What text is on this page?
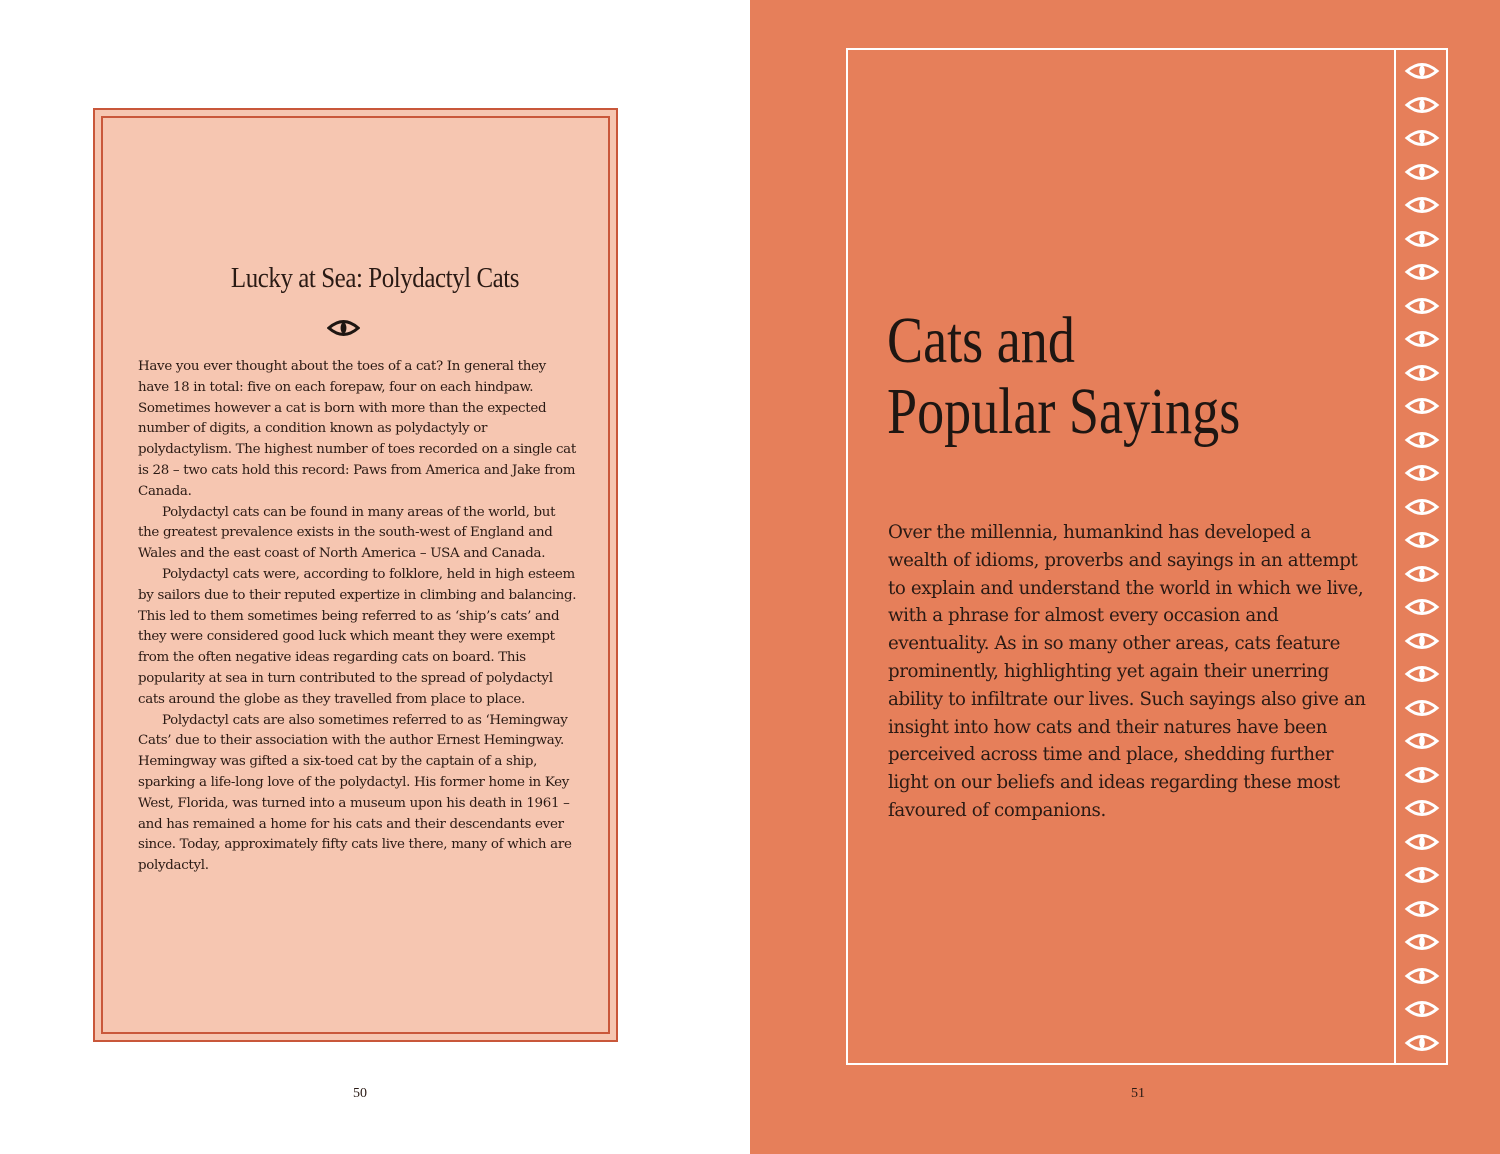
Lucky at Sea: Polydactyl Cats

Have you ever thought about the toes of a cat? In general they have 18 in total: five on each forepaw, four on each hindpaw. Sometimes however a cat is born with more than the expected number of digits, a condition known as polydactyly or polydactylism. The highest number of toes recorded on a single cat is 28 – two cats hold this record: Paws from America and Jake from Canada.

Polydactyl cats can be found in many areas of the world, but the greatest prevalence exists in the south-west of England and Wales and the east coast of North America – USA and Canada.

Polydactyl cats were, according to folklore, held in high esteem by sailors due to their reputed expertize in climbing and balancing. This led to them sometimes being referred to as ‘ship’s cats’ and they were considered good luck which meant they were exempt from the often negative ideas regarding cats on board. This popularity at sea in turn contributed to the spread of polydactyl cats around the globe as they travelled from place to place.

Polydactyl cats are also sometimes referred to as ‘Hemingway Cats’ due to their association with the author Ernest Hemingway. Hemingway was gifted a six-toed cat by the captain of a ship, sparking a life-long love of the polydactyl. His former home in Key West, Florida, was turned into a museum upon his death in 1961 – and has remained a home for his cats and their descendants ever since. Today, approximately fifty cats live there, many of which are polydactyl.

50
Cats and
Popular Sayings
Over the millennia, humankind has developed a wealth of idioms, proverbs and sayings in an attempt to explain and understand the world in which we live, with a phrase for almost every occasion and eventuality. As in so many other areas, cats feature prominently, highlighting yet again their unerring ability to infiltrate our lives. Such sayings also give an insight into how cats and their natures have been perceived across time and place, shedding further light on our beliefs and ideas regarding these most favoured of companions.
51
